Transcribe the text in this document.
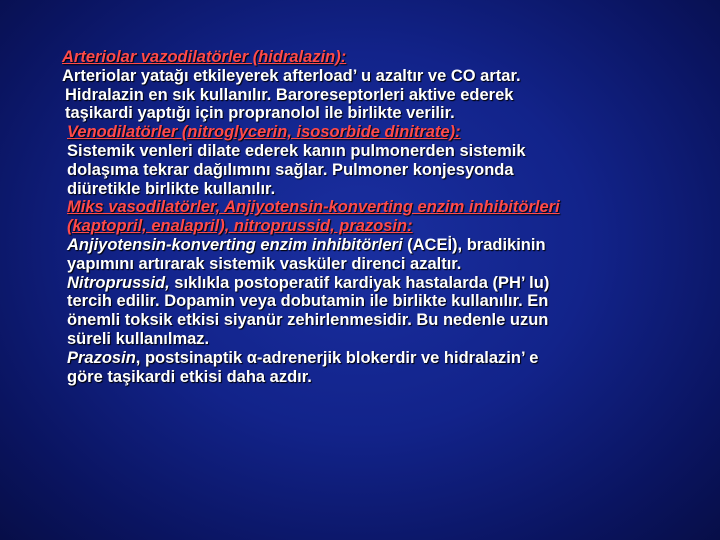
Arteriolar vazodilatörler (hidralazin):
Arteriolar yatağı etkileyerek afterload’ u azaltır ve CO artar.
Hidralazin en sık kullanılır. Baroreseptorleri aktive ederek
taşikardi yaptığı için propranolol ile birlikte verilir.
Venodilatörler (nitroglycerin, isosorbide dinitrate):
Sistemik venleri dilate ederek kanın pulmonerden sistemik
dolaşıma tekrar dağılımını sağlar. Pulmoner konjesyonda
diüretikle birlikte kullanılır.
Miks vasodilatörler, Anjiyotensin-konverting enzim inhibitörleri
(kaptopril, enalapril), nitroprussid, prazosin:
Anjiyotensin-konverting enzim inhibitörleri (ACEİ), bradikinin
yapımını artırarak sistemik vasküler direnci azaltır.
Nitroprussid, sıklıkla postoperatif kardiyak hastalarda (PH’ lu)
tercih edilir. Dopamin veya dobutamin ile birlikte kullanılır. En
önemli toksik etkisi siyanür zehirlenmesidir. Bu nedenle uzun
süreli kullanılmaz.
Prazosin, postsinaptik α-adrenerjik blokerdir ve hidralazin’ e
göre taşikardi etkisi daha azdır.
